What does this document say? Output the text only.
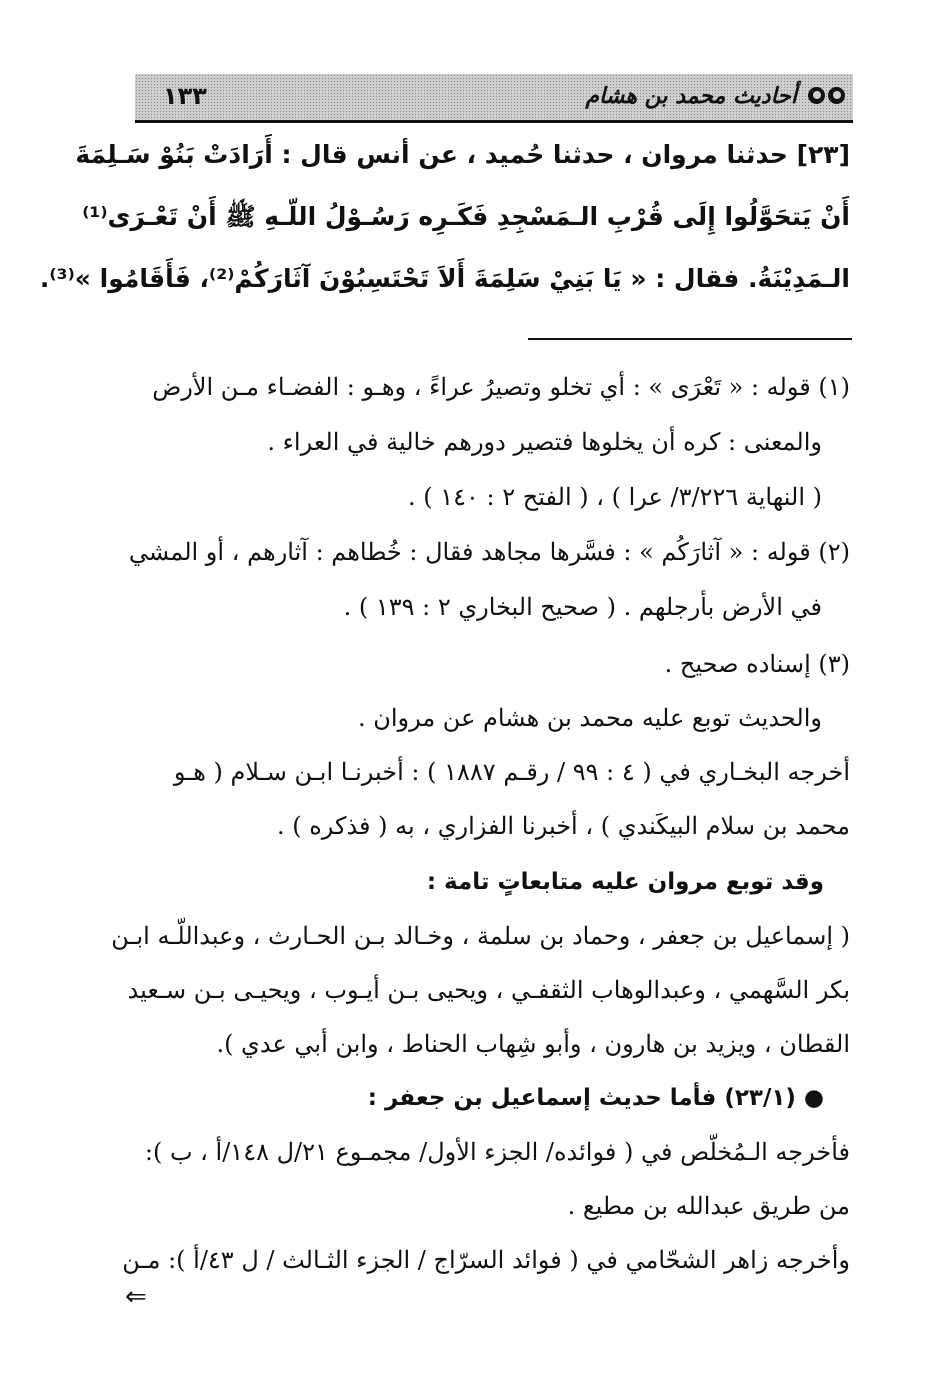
أحاديث محمد بن هشام
١٣٣
[٢٣] حدثنا مروان ، حدثنا حُميد ، عن أنس قال : أَرَادَتْ بَنُوْ سَـلِمَةَ
أَنْ يَتحَوَّلُوا إِلَى قُرْبِ الـمَسْجِدِ فَكَـرِه رَسُـوْلُ اللّـهِ ﷺ أَنْ تَعْـرَى⁽¹⁾
الـمَدِيْنَةُ. فقال : « يَا بَنِيْ سَلِمَةَ أَلاَ تَحْتَسِبُوْنَ آثَارَكُمْ⁽²⁾، فَأَقَامُوا »⁽³⁾.
(١) قوله : « تَعْرَى » : أي تخلو وتصيرُ عراءً ، وهـو : الفضـاء مـن الأرض
والمعنى : كره أن يخلوها فتصير دورهم خالية في العراء .
( النهاية ٣/٢٢٦/ عرا ) ، ( الفتح ٢ : ١٤٠ ) .
(٢) قوله : « آثارَكُم » : فسَّرها مجاهد فقال : خُطاهم : آثارهم ، أو المشي
في الأرض بأرجلهم . ( صحيح البخاري ٢ : ١٣٩ ) .
(٣) إسناده صحيح .
والحديث توبع عليه محمد بن هشام عن مروان .
أخرجه البخـاري في ( ٤ : ٩٩ / رقـم ١٨٨٧ ) : أخبرنـا ابـن سـلام ( هـو
محمد بن سلام البيكَندي ) ، أخبرنا الفزاري ، به ( فذكره ) .
وقد توبع مروان عليه متابعاتٍ تامة :
( إسماعيل بن جعفر ، وحماد بن سلمة ، وخـالد بـن الحـارث ، وعبداللّـه ابـن
بكر السَّهمي ، وعبدالوهاب الثقفـي ، ويحيى بـن أيـوب ، ويحيـى بـن سـعيد
القطان ، ويزيد بن هارون ، وأبو شِهاب الحناط ، وابن أبي عدي ).
● (٢٣/١) فأما حديث إسماعيل بن جعفر :
فأخرجه الـمُخلّص في ( فوائده/ الجزء الأول/ مجمـوع ٢١/ل ١٤٨/أ ، ب ):
من طريق عبدالله بن مطيع .
وأخرجه زاهر الشحّامي في ( فوائد السرّاج / الجزء الثـالث / ل ٤٣/أ ): مـن
⇐
